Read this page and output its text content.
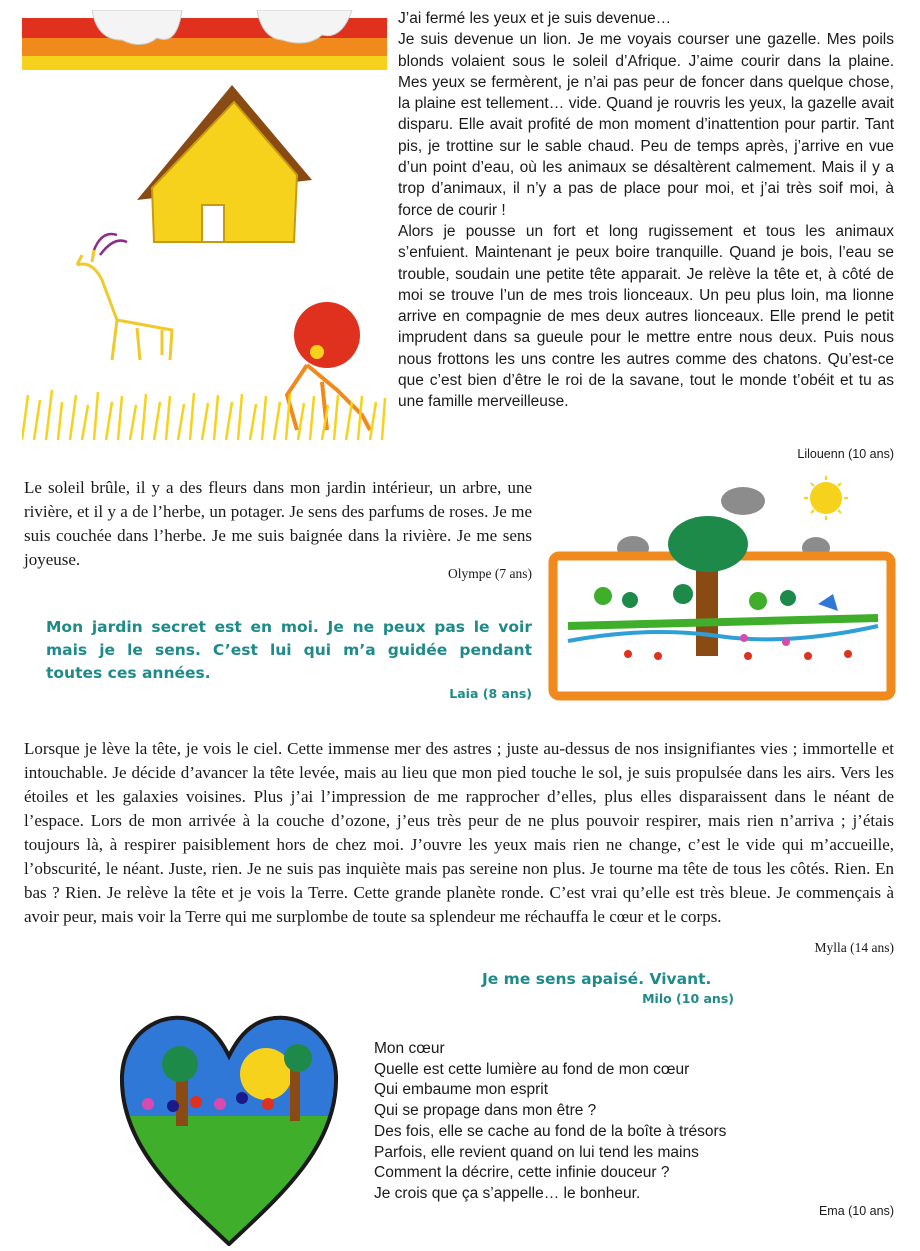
J’ai fermé les yeux et je suis devenue…
Je suis devenue un lion. Je me voyais courser une gazelle. Mes poils blonds volaient sous le soleil d’Afrique. J’aime courir dans la plaine. Mes yeux se fermèrent, je n’ai pas peur de foncer dans quelque chose, la plaine est tellement… vide. Quand je rouvris les yeux, la gazelle avait disparu. Elle avait profité de mon moment d’inattention pour partir. Tant pis, je trottine sur le sable chaud. Peu de temps après, j’arrive en vue d’un point d’eau, où les animaux se désaltèrent calmement. Mais il y a trop d’animaux, il n’y a pas de place pour moi, et j’ai très soif moi, à force de courir !
Alors je pousse un fort et long rugissement et tous les animaux s’enfuient. Maintenant je peux boire tranquille. Quand je bois, l’eau se trouble, soudain une petite tête apparait. Je relève la tête et, à côté de moi se trouve l’un de mes trois lionceaux. Un peu plus loin, ma lionne arrive en compagnie de mes deux autres lionceaux. Elle prend le petit imprudent dans sa gueule pour le mettre entre nous deux. Puis nous nous frottons les uns contre les autres comme des chatons. Qu’est-ce que c’est bien d’être le roi de la savane, tout le monde t’obéit et tu as une famille merveilleuse.

Lilouenn (10 ans)

Le soleil brûle, il y a des fleurs dans mon jardin intérieur, un arbre, une rivière, et il y a de l’herbe, un potager. Je sens des parfums de roses. Je me suis couchée dans l’herbe. Je me suis baignée dans la rivière. Je me sens joyeuse.

Olympe (7 ans)

Mon jardin secret est en moi. Je ne peux pas le voir mais je le sens. C’est lui qui m’a guidée pendant toutes ces années.

Laia (8 ans)

Lorsque je lève la tête, je vois le ciel. Cette immense mer des astres ; juste au-dessus de nos insignifiantes vies ; immortelle et intouchable. Je décide d’avancer la tête levée, mais au lieu que mon pied touche le sol, je suis propulsée dans les airs. Vers les étoiles et les galaxies voisines. Plus j’ai l’impression de me rapprocher d’elles, plus elles disparaissent dans le néant de l’espace. Lors de mon arrivée à la couche d’ozone, j’eus très peur de ne plus pouvoir respirer, mais rien n’arriva ; j’étais toujours là, à respirer paisiblement hors de chez moi. J’ouvre les yeux mais rien ne change, c’est le vide qui m’accueille, l’obscurité, le néant. Juste, rien. Je ne suis pas inquiète mais pas sereine non plus. Je tourne ma tête de tous les côtés. Rien. En bas ? Rien. Je relève la tête et je vois la Terre. Cette grande planète ronde. C’est vrai qu’elle est très bleue. Je commençais à avoir peur, mais voir la Terre qui me surplombe de toute sa splendeur me réchauffa le cœur et le corps.

Mylla (14 ans)

Je me sens apaisé. Vivant.

Milo (10 ans)

Mon cœur
Quelle est cette lumière au fond de mon cœur
Qui embaume mon esprit
Qui se propage dans mon être ?
Des fois, elle se cache au fond de la boîte à trésors
Parfois, elle revient quand on lui tend les mains
Comment la décrire, cette infinie douceur ?
Je crois que ça s’appelle… le bonheur.

Ema (10 ans)
